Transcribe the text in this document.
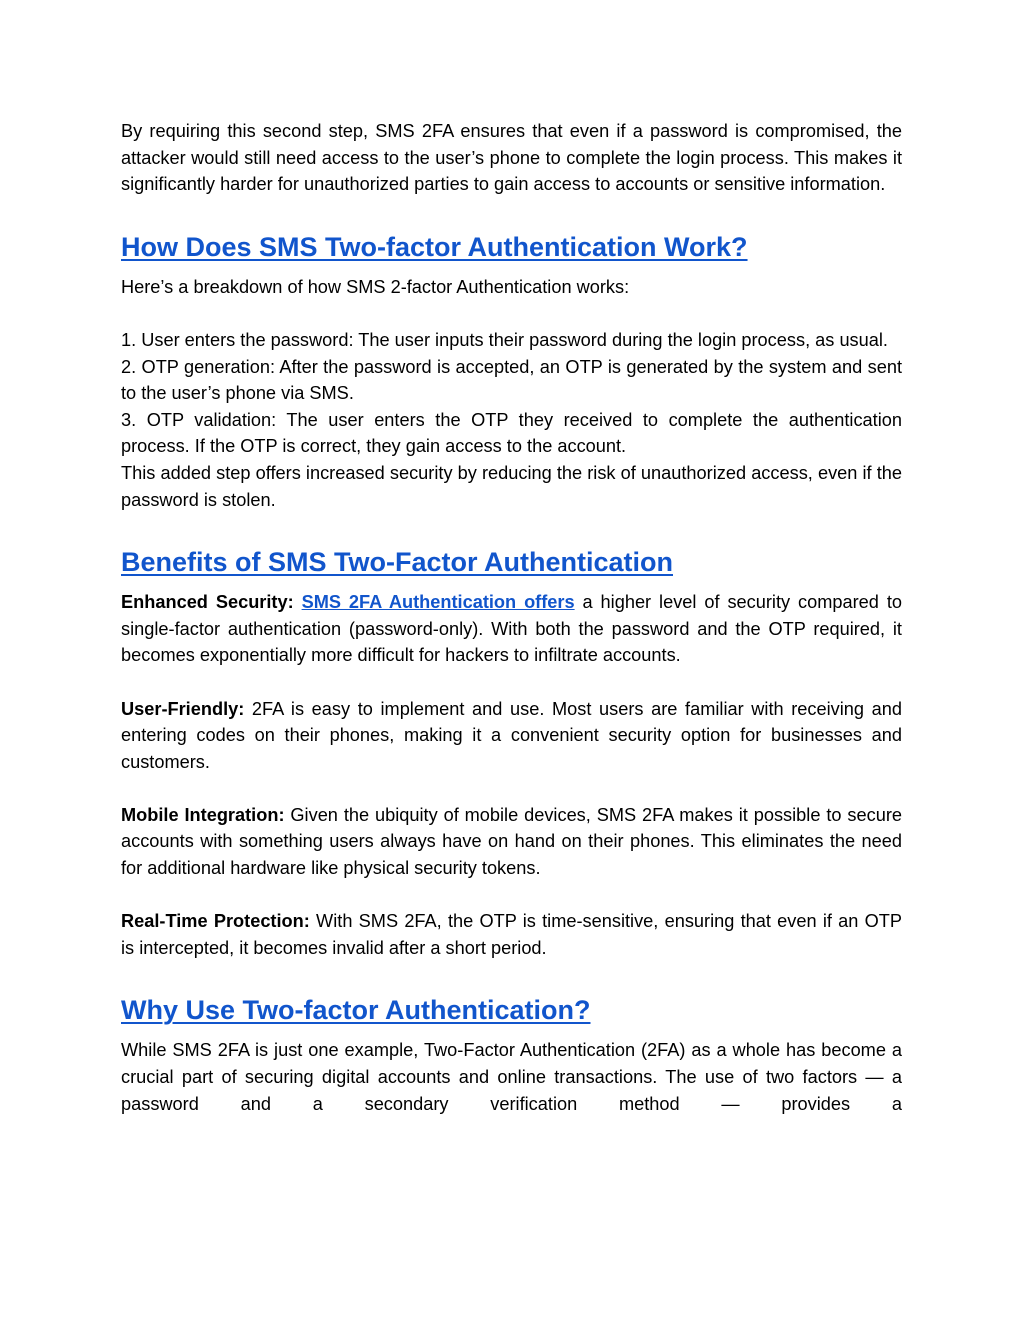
By requiring this second step, SMS 2FA ensures that even if a password is compromised, the attacker would still need access to the user’s phone to complete the login process. This makes it significantly harder for unauthorized parties to gain access to accounts or sensitive information.

How Does SMS Two-factor Authentication Work?

Here’s a breakdown of how SMS 2-factor Authentication works:

1. User enters the password: The user inputs their password during the login process, as usual.

2. OTP generation: After the password is accepted, an OTP is generated by the system and sent to the user’s phone via SMS.

3. OTP validation: The user enters the OTP they received to complete the authentication process. If the OTP is correct, they gain access to the account.

This added step offers increased security by reducing the risk of unauthorized access, even if the password is stolen.

Benefits of SMS Two-Factor Authentication

Enhanced Security: SMS 2FA Authentication offers a higher level of security compared to single-factor authentication (password-only). With both the password and the OTP required, it becomes exponentially more difficult for hackers to infiltrate accounts.

User-Friendly: 2FA is easy to implement and use. Most users are familiar with receiving and entering codes on their phones, making it a convenient security option for businesses and customers.

Mobile Integration: Given the ubiquity of mobile devices, SMS 2FA makes it possible to secure accounts with something users always have on hand on their phones. This eliminates the need for additional hardware like physical security tokens.

Real-Time Protection: With SMS 2FA, the OTP is time-sensitive, ensuring that even if an OTP is intercepted, it becomes invalid after a short period.

Why Use Two-factor Authentication?

While SMS 2FA is just one example, Two-Factor Authentication (2FA) as a whole has become a crucial part of securing digital accounts and online transactions. The use of two factors — a password and a secondary verification method — provides a
